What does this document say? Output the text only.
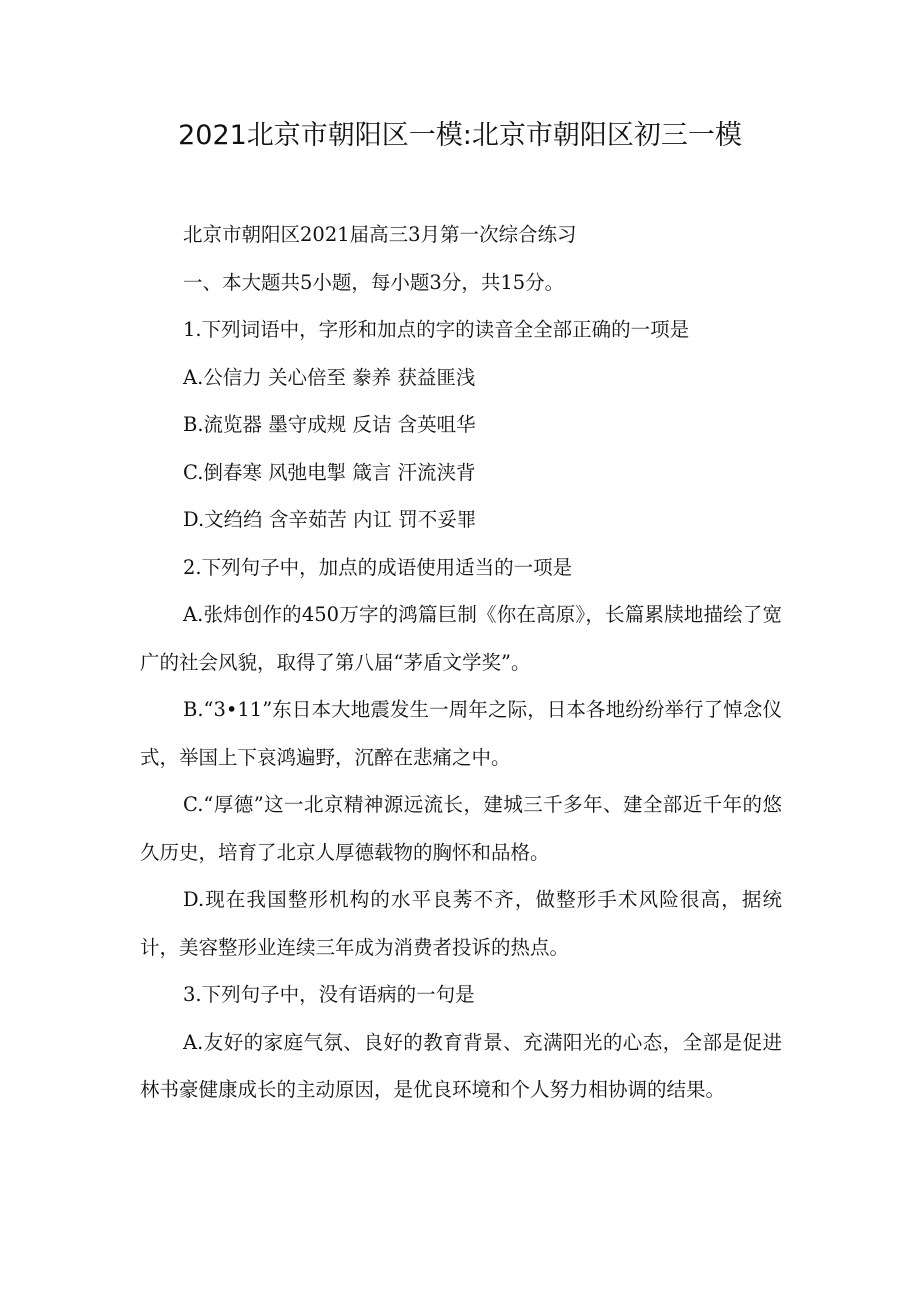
2021北京市朝阳区一模:北京市朝阳区初三一模

北京市朝阳区2021届高三3月第一次综合练习

一、本大题共5小题，每小题3分，共15分。

1.下列词语中，字形和加点的字的读音全全部正确的一项是

A.公信力 关心倍至 豢养 获益匪浅

B.流览器 墨守成规 反诘 含英咀华

C.倒春寒 风弛电掣 箴言 汗流浃背

D.文绉绉 含辛茹苦 内讧 罚不妥罪

2.下列句子中，加点的成语使用适当的一项是

A.张炜创作的450万字的鸿篇巨制《你在高原》，长篇累牍地描绘了宽广的社会风貌，取得了第八届“茅盾文学奖”。

B.“3•11”东日本大地震发生一周年之际，日本各地纷纷举行了悼念仪式，举国上下哀鸿遍野，沉醉在悲痛之中。

C.“厚德”这一北京精神源远流长，建城三千多年、建全部近千年的悠久历史，培育了北京人厚德载物的胸怀和品格。

D.现在我国整形机构的水平良莠不齐，做整形手术风险很高，据统计，美容整形业连续三年成为消费者投诉的热点。

3.下列句子中，没有语病的一句是

A.友好的家庭气氛、良好的教育背景、充满阳光的心态，全部是促进林书豪健康成长的主动原因，是优良环境和个人努力相协调的结果。
